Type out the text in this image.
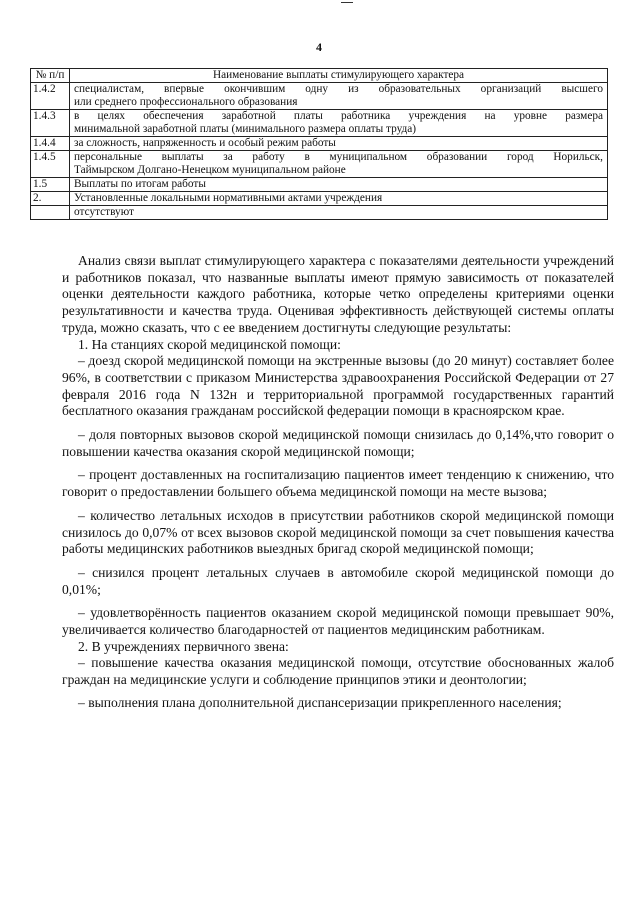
4
№ п/п	Наименование выплаты стимулирующего характера
1.4.2	специалистам, впервые окончившим одну из образовательных организаций высшего
или среднего профессионального образования

1.4.3	в целях обеспечения заработной платы работника учреждения на уровне размера
минимальной заработной платы (минимального размера оплаты труда)

1.4.4	за сложность, напряженность и особый режим работы
1.4.5	персональные выплаты за работу в муниципальном образовании город Норильск,
Таймырском Долгано-Ненецком муниципальном районе

1.5	Выплаты по итогам работы
2.	Установленные локальными нормативными актами учреждения
	отсутствуют

Анализ связи выплат стимулирующего характера с показателями деятельности учреждений и работников показал, что названные выплаты имеют прямую зависимость от показателей оценки деятельности каждого работника, которые четко определены критериями оценки результативности и качества труда. Оценивая эффективность действующей системы оплаты труда, можно сказать, что с ее введением достигнуты следующие результаты:

1. На станциях скорой медицинской помощи:

– доезд скорой медицинской помощи на экстренные вызовы (до 20 минут) составляет более 96%, в соответствии с приказом Министерства здравоохранения Российской Федерации от 27 февраля 2016 года N 132н и территориальной программой государственных гарантий бесплатного оказания гражданам российской федерации помощи в красноярском крае.

– доля повторных вызовов скорой медицинской помощи снизилась до 0,14%,что говорит о повышении качества оказания скорой медицинской помощи;

– процент доставленных на госпитализацию пациентов имеет тенденцию к снижению, что говорит о предоставлении большего объема медицинской помощи на месте вызова;

– количество летальных исходов в присутствии работников скорой медицинской помощи снизилось до 0,07% от всех вызовов скорой медицинской помощи за счет повышения качества работы медицинских работников выездных бригад скорой медицинской помощи;

– снизился процент летальных случаев в автомобиле скорой медицинской помощи до 0,01%;

– удовлетворённость пациентов оказанием скорой медицинской помощи превышает 90%, увеличивается количество благодарностей от пациентов медицинским работникам.

2. В учреждениях первичного звена:

– повышение качества оказания медицинской помощи, отсутствие обоснованных жалоб граждан на медицинские услуги и соблюдение принципов этики и деонтологии;

– выполнения плана дополнительной диспансеризации прикрепленного населения;
